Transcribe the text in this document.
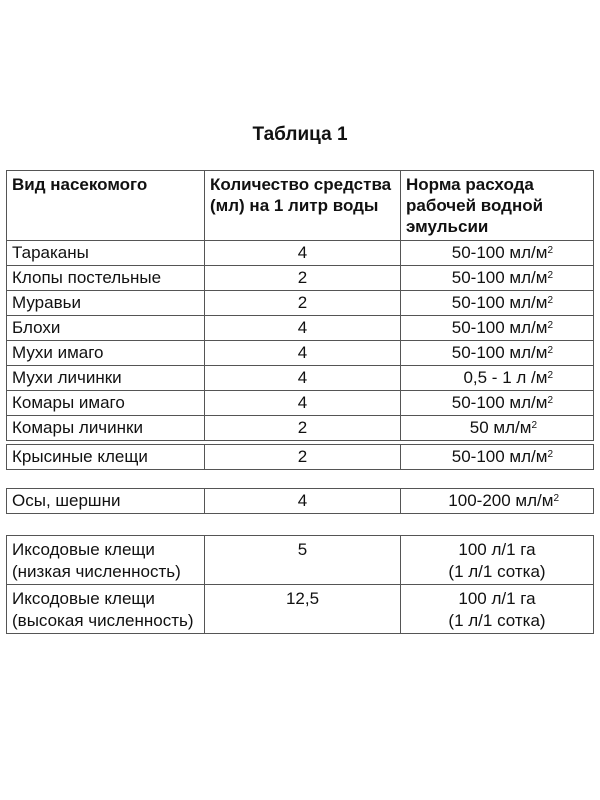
Таблица 1
Вид насекомого	Количество средства (мл) на 1 литр воды	Норма расхода рабочей водной эмульсии
Тараканы	4	50-100 $мл/м^2$
Клопы постельные	2	50-100 $мл/м^2$
Муравьи	2	50-100 $мл/м^2$
Блохи	4	50-100 $мл/м^2$
Мухи имаго	4	50-100 $мл/м^2$
Мухи личинки	4	0,5 - 1 л $/м^2$
Комары имаго	4	50-100 $мл/м^2$
Комары личинки	2	50 $мл/м^2$
Крысиные клещи	2	50-100 $мл/м^2$
Осы, шершни	4	100-200 $мл/м^2$
Иксодовые клещи (низкая численность)	5	100 л/1 га
(1 л/1 сотка)

Иксодовые клещи (высокая численность)	12,5	100 л/1 га
(1 л/1 сотка)
